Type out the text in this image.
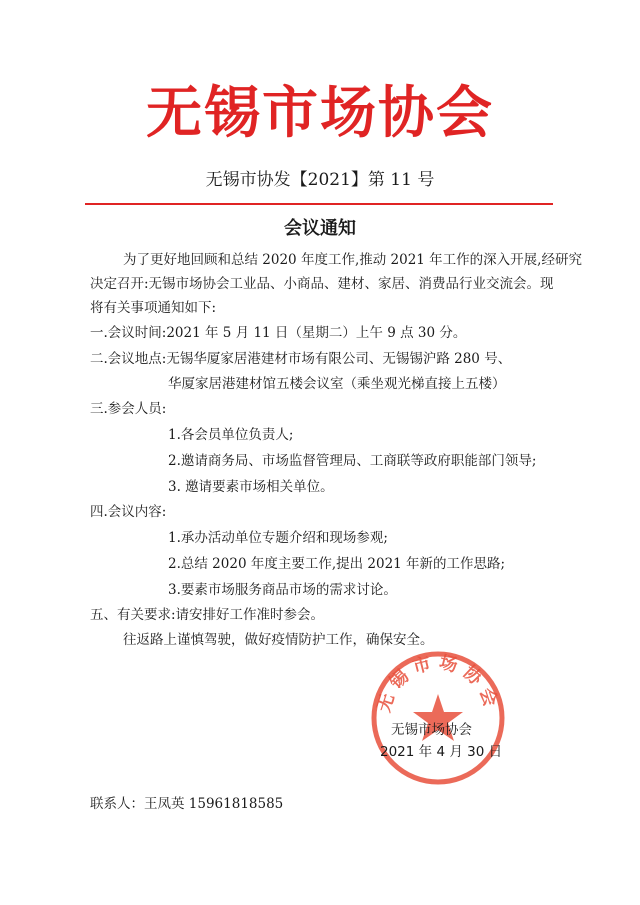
无锡市场协会
无锡市协发【2021】第 11 号
会议通知
为了更好地回顾和总结 2020 年度工作,推动 2021 年工作的深入开展,经研究
决定召开:无锡市场协会工业品、小商品、建材、家居、消费品行业交流会。现
将有关事项通知如下:
一.会议时间:2021 年 5 月 11 日（星期二）上午 9 点 30 分。
二.会议地点:无锡华厦家居港建材市场有限公司、无锡锡沪路 280 号、
华厦家居港建材馆五楼会议室（乘坐观光梯直接上五楼）
三.参会人员:
1.各会员单位负责人;
2.邀请商务局、市场监督管理局、工商联等政府职能部门领导;
3. 邀请要素市场相关单位。
四.会议内容:
1.承办活动单位专题介绍和现场参观;
2.总结 2020 年度主要工作,提出 2021 年新的工作思路;
3.要素市场服务商品市场的需求讨论。
五、有关要求:请安排好工作准时参会。
往返路上谨慎驾驶，做好疫情防护工作，确保安全。
无锡市场协会
无锡市场协会
2021 年 4 月 30 日
联系人：王凤英 15961818585
